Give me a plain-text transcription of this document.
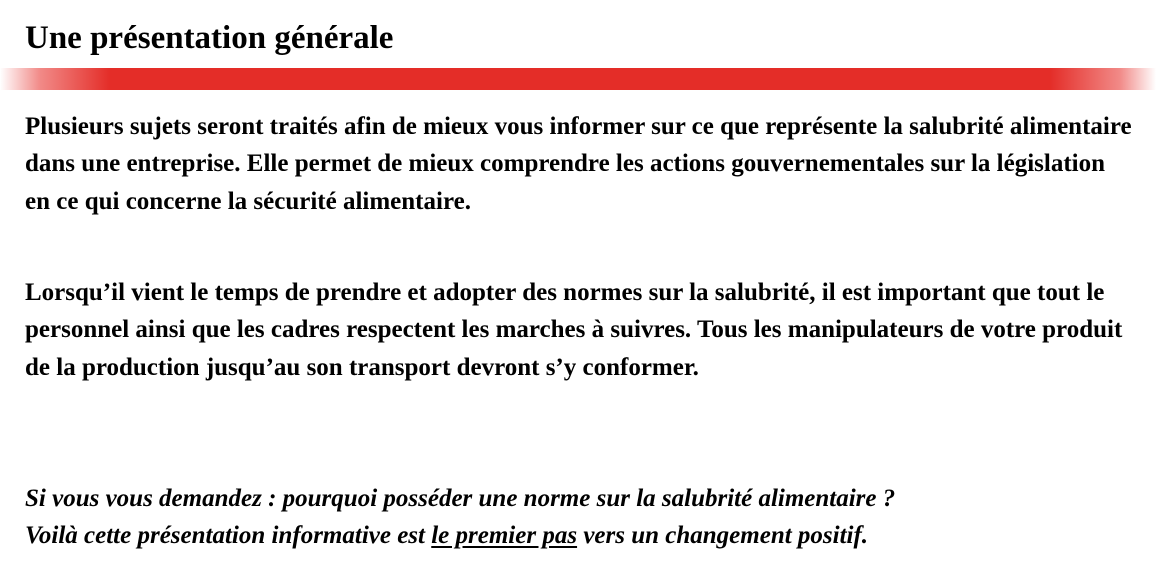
Une présentation générale

Plusieurs sujets seront traités afin de mieux vous informer sur ce que représente la salubrité alimentaire dans une entreprise. Elle permet de mieux comprendre les actions gouvernementales sur la législation en ce qui concerne la sécurité alimentaire.

Lorsqu’il vient le temps de prendre et adopter des normes sur la salubrité, il est important que tout le personnel ainsi que les cadres respectent les marches à suivres. Tous les manipulateurs de votre produit de la production jusqu’au son transport devront s’y conformer.

Si vous vous demandez : pourquoi posséder une norme sur la salubrité alimentaire ?
Voilà cette présentation informative est le premier pas vers un changement positif.
